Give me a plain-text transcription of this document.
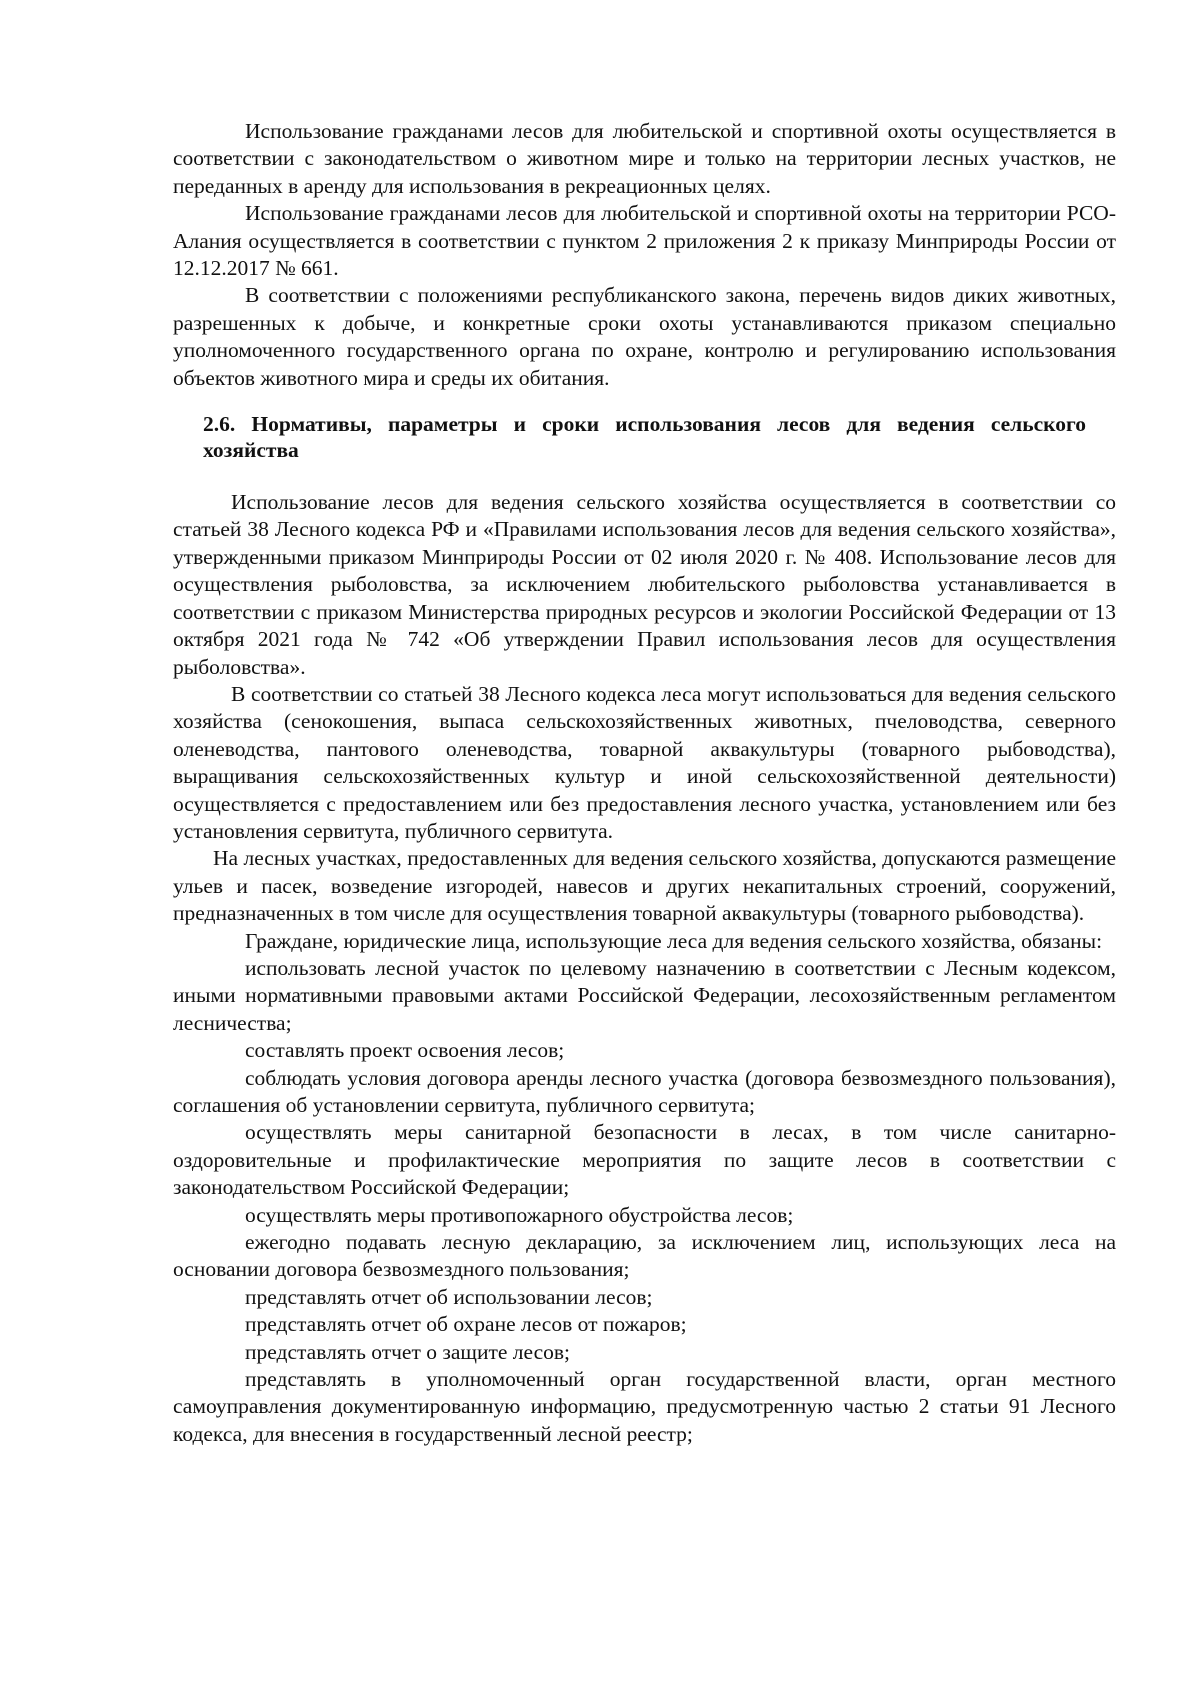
Использование гражданами лесов для любительской и спортивной охоты осуществляется в соответствии с законодательством о животном мире и только на территории лесных участков, не переданных в аренду для использования в рекреационных целях.

Использование гражданами лесов для любительской и спортивной охоты на территории РСО-Алания осуществляется в соответствии с пунктом 2 приложения 2 к приказу Минприроды России от 12.12.2017 № 661.

В соответствии с положениями республиканского закона, перечень видов диких животных, разрешенных к добыче, и конкретные сроки охоты устанавливаются приказом специально уполномоченного государственного органа по охране, контролю и регулированию использования объектов животного мира и среды их обитания.

2.6. Нормативы, параметры и сроки использования лесов для ведения сельского хозяйства

Использование лесов для ведения сельского хозяйства осуществляется в соответствии со статьей 38 Лесного кодекса РФ и «Правилами использования лесов для ведения сельского хозяйства», утвержденными приказом Минприроды России от 02 июля 2020 г. № 408. Использование лесов для осуществления рыболовства, за исключением любительского рыболовства устанавливается в соответствии с приказом Министерства природных ресурсов и экологии Российской Федерации от 13 октября 2021 года № 742 «Об утверждении Правил использования лесов для осуществления рыболовства».

В соответствии со статьей 38 Лесного кодекса леса могут использоваться для ведения сельского хозяйства (сенокошения, выпаса сельскохозяйственных животных, пчеловодства, северного оленеводства, пантового оленеводства, товарной аквакультуры (товарного рыбоводства), выращивания сельскохозяйственных культур и иной сельскохозяйственной деятельности) осуществляется с предоставлением или без предоставления лесного участка, установлением или без установления сервитута, публичного сервитута.

На лесных участках, предоставленных для ведения сельского хозяйства, допускаются размещение ульев и пасек, возведение изгородей, навесов и других некапитальных строений, сооружений, предназначенных в том числе для осуществления товарной аквакультуры (товарного рыбоводства).

Граждане, юридические лица, использующие леса для ведения сельского хозяйства, обязаны:

использовать лесной участок по целевому назначению в соответствии с Лесным кодексом, иными нормативными правовыми актами Российской Федерации, лесохозяйственным регламентом лесничества;

составлять проект освоения лесов;

соблюдать условия договора аренды лесного участка (договора безвозмездного пользования), соглашения об установлении сервитута, публичного сервитута;

осуществлять меры санитарной безопасности в лесах, в том числе санитарно-оздоровительные и профилактические мероприятия по защите лесов в соответствии с законодательством Российской Федерации;

осуществлять меры противопожарного обустройства лесов;

ежегодно подавать лесную декларацию, за исключением лиц, использующих леса на основании договора безвозмездного пользования;

представлять отчет об использовании лесов;

представлять отчет об охране лесов от пожаров;

представлять отчет о защите лесов;

представлять в уполномоченный орган государственной власти, орган местного самоуправления документированную информацию, предусмотренную частью 2 статьи 91 Лесного кодекса, для внесения в государственный лесной реестр;
